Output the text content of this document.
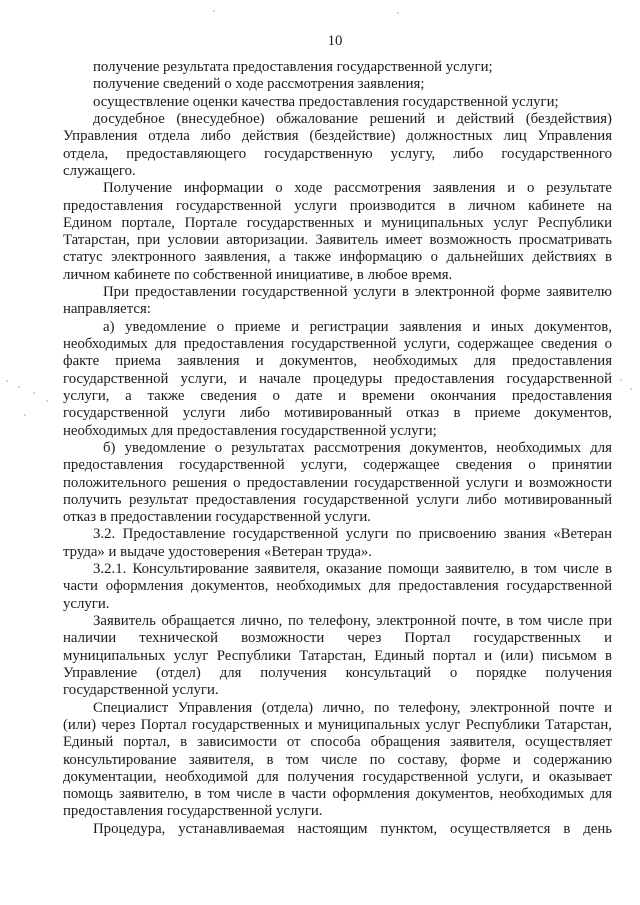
10
получение результата предоставления государственной услуги;
получение сведений о ходе рассмотрения заявления;
осуществление оценки качества предоставления государственной услуги;
досудебное (внесудебное) обжалование решений и действий (бездействия)
Управления отдела либо действия (бездействие) должностных лиц Управления
отдела, предоставляющего государственную услугу, либо государственного
служащего.
Получение информации о ходе рассмотрения заявления и о результате
предоставления государственной услуги производится в личном кабинете на
Едином портале, Портале государственных и муниципальных услуг Республики
Татарстан, при условии авторизации. Заявитель имеет возможность просматривать
статус электронного заявления, а также информацию о дальнейших действиях в
личном кабинете по собственной инициативе, в любое время.
При предоставлении государственной услуги в электронной форме заявителю
направляется:
а) уведомление о приеме и регистрации заявления и иных документов,
необходимых для предоставления государственной услуги, содержащее сведения о
факте приема заявления и документов, необходимых для предоставления
государственной услуги, и начале процедуры предоставления государственной
услуги, а также сведения о дате и времени окончания предоставления
государственной услуги либо мотивированный отказ в приеме документов,
необходимых для предоставления государственной услуги;
б) уведомление о результатах рассмотрения документов, необходимых для
предоставления государственной услуги, содержащее сведения о принятии
положительного решения о предоставлении государственной услуги и возможности
получить результат предоставления государственной услуги либо мотивированный
отказ в предоставлении государственной услуги.
3.2. Предоставление государственной услуги по присвоению звания «Ветеран
труда» и выдаче удостоверения «Ветеран труда».
3.2.1. Консультирование заявителя, оказание помощи заявителю, в том числе в
части оформления документов, необходимых для предоставления государственной
услуги.
Заявитель обращается лично, по телефону, электронной почте, в том числе при
наличии технической возможности через Портал государственных и
муниципальных услуг Республики Татарстан, Единый портал и (или) письмом в
Управление (отдел) для получения консультаций о порядке получения
государственной услуги.
Специалист Управления (отдела) лично, по телефону, электронной почте и
(или) через Портал государственных и муниципальных услуг Республики Татарстан,
Единый портал, в зависимости от способа обращения заявителя, осуществляет
консультирование заявителя, в том числе по составу, форме и содержанию
документации, необходимой для получения государственной услуги, и оказывает
помощь заявителю, в том числе в части оформления документов, необходимых для
предоставления государственной услуги.
Процедура, устанавливаемая настоящим пунктом, осуществляется в день
